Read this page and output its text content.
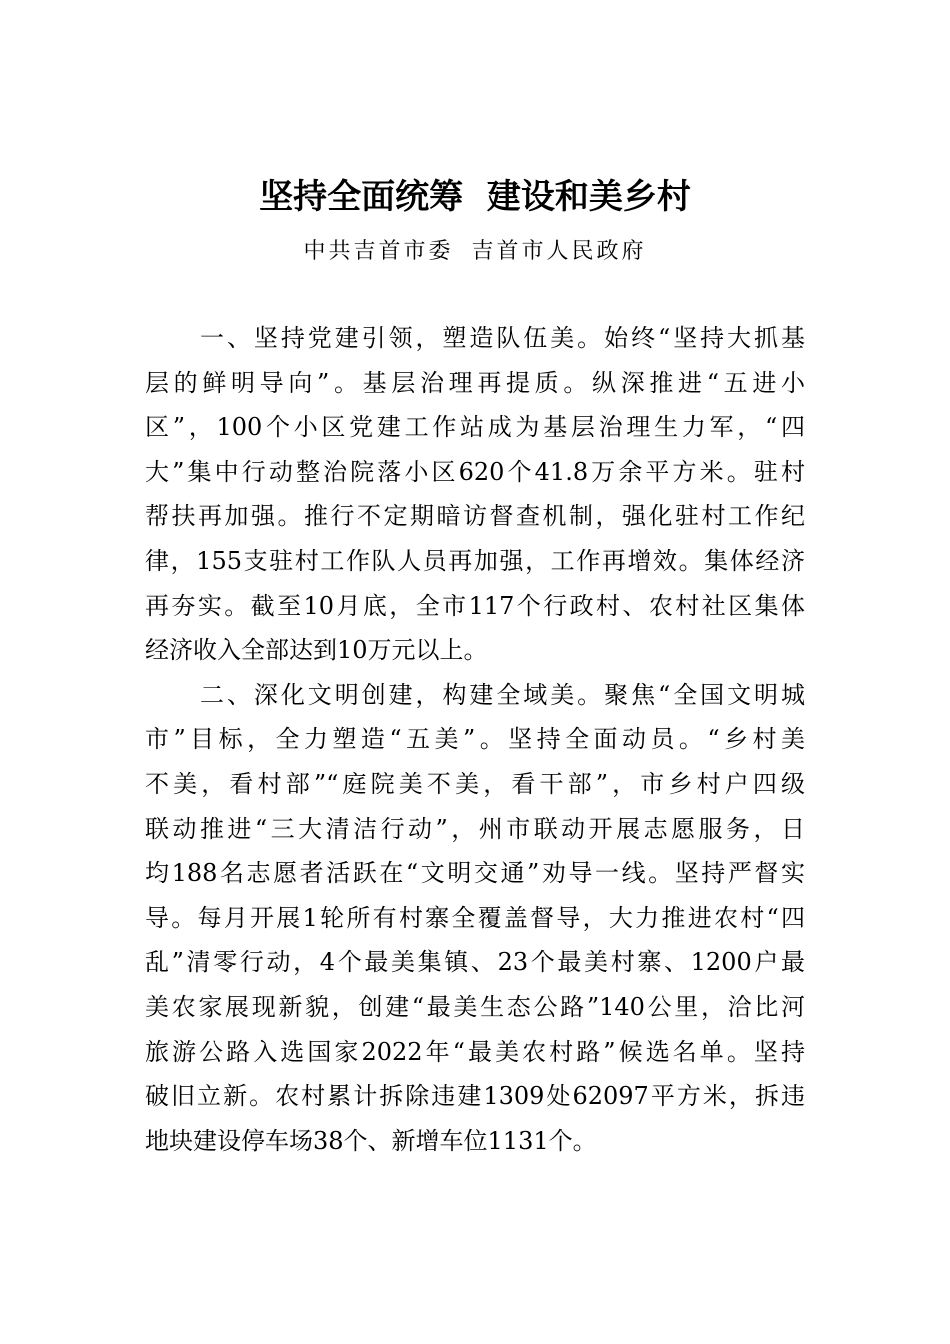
坚持全面统筹 建设和美乡村
中共吉首市委 吉首市人民政府
一、坚持党建引领，塑造队伍美。始终“坚持大抓基
层的鲜明导向”。基层治理再提质。纵深推进“五进小
区”，100个小区党建工作站成为基层治理生力军，“四
大”集中行动整治院落小区620个41.8万余平方米。驻村
帮扶再加强。推行不定期暗访督查机制，强化驻村工作纪
律，155支驻村工作队人员再加强，工作再增效。集体经济
再夯实。截至10月底，全市117个行政村、农村社区集体
经济收入全部达到10万元以上。
二、深化文明创建，构建全域美。聚焦“全国文明城
市”目标，全力塑造“五美”。坚持全面动员。“乡村美
不美，看村部”“庭院美不美，看干部”，市乡村户四级
联动推进“三大清洁行动”，州市联动开展志愿服务，日
均188名志愿者活跃在“文明交通”劝导一线。坚持严督实
导。每月开展1轮所有村寨全覆盖督导，大力推进农村“四
乱”清零行动，4个最美集镇、23个最美村寨、1200户最
美农家展现新貌，创建“最美生态公路”140公里，洽比河
旅游公路入选国家2022年“最美农村路”候选名单。坚持
破旧立新。农村累计拆除违建1309处62097平方米，拆违
地块建设停车场38个、新增车位1131个。
